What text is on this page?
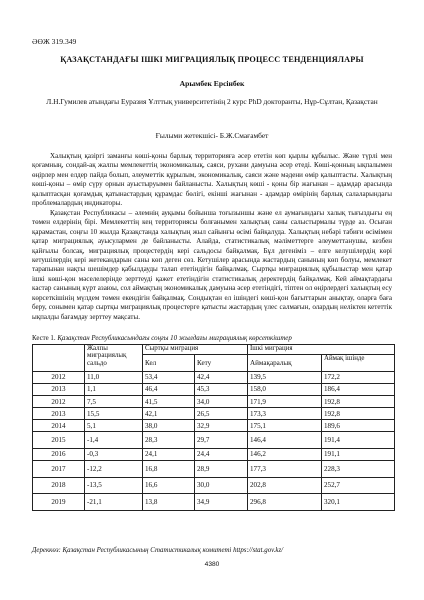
ӘӨЖ 319.349
ҚАЗАҚСТАНДАҒЫ ІШКІ МИГРАЦИЯЛЫҚ ПРОЦЕСС ТЕНДЕНЦИЯЛАРЫ
Арымбек Ерсінбек
Л.Н.Гумилев атындағы Еуразия Ұлттық университетінің 2 курс PhD докторанты, Нұр-Сұлтан, Қазақстан
Ғылыми жетекшісі- Б.Ж.Смағамбет

Халықтың қазіргі заманғы көші-қоны барлық территорияға әсер ететін көп қырлы құбылыс. Және түрлі мен қоғамның, сондай-ақ жалпы мемлекеттің экономикалық, саяси, рухани дамуына әсер етеді. Көші-қонның ықпалымен өңірлер мен елдер пайда болып, әлеуметтік құрылым, экономикалық, саяси және мәдени өмір қалыптасты. Халықтың көші-қоны – өмір сүру орнын ауыстыруымен байланысты. Халықтың көші - қоны бір жағынан – адамдар арасында қалыптасқан қоғамдық қатынастардың құрамдас бөлігі, екінші жағынан - адамдар өмірінің барлық салаларындағы проблемалардың индикаторы.

Қазақстан Республикасы – әлемнің ауқымы бойынша тоғызыншы және ел аумағындағы халық тығыздығы ең төмен елдерінің бірі. Мемлекеттің кең территориясы болғанымен халықтың саны салыстырмалы түрде аз. Осыған қарамастан, соңғы 10 жылда Қазақстанда халықтың жыл сайынғы өсімі байқалуда. Халықтың небәрі табиғи өсімімен қатар миграциялық ауысулармен де байланысты. Алайда, статистикалық мәліметтерге әлеуметтанушы, кезбен қайғылы болсақ, миграциялық процестердің кері сальдосы байқалмақ. Бұл дегеніміз – елге келушілердің көрі кетушілердің кері жетекандарын саны көп деген сөз. Кетушілер арасында жастардың санының көп болуы, мемлекет тарапынан нақты шешімдер қабылдауды талап ететіндігін байқалмақ. Сыртқы миграциялық құбылыстар мен қатар ішкі көші-қон мәселелерінде зерттеуді қажет ететіндігін статистикалық деректердің байқалмақ. Кей аймақтардағы кастар санының күрт азаюы, сол аймақтың экономикалық дамуына әсер ететіндігі, тіптен ол өңірлердегі халықтың есу көрсеткішінің мүлдем төмен екендігін байқалмақ. Сондықтан ел ішіндегі көші-қон бағыттарын анықтау, оларға баға беру, сонымен қатар сыртқы миграциялық процестерге қатысты жастардың үлес салмағын, олардың неліктен кететтік ықпалды бағамдау зерттеу мақсаты.

Кесте 1. Қазақстан Республикасындағы соңғы 10 жылдағы миграциялық көрсеткіштер
	Жалпы миграциялық сальдо	Сыртқы миграция		Ішкі миграция	
		Кел	Кету	Аймақаралық	Аймақ ішінде
2012	11,0	53,4	42,4	139,5	172,2
2013	1,1	46,4	45,3	158,0	186,4
2012	7,5	41,5	34,0	171,9	192,8
2013	15,5	42,1	26,5	173,3	192,8
2014	5,1	38,0	32,9	175,1	189,6
2015	-1,4	28,3	29,7	146,4	191,4
2016	-0,3	24,1	24,4	146,2	191,1
2017	-12,2	16,8	28,9	177,3	228,3
2018	-13,5	16,6	30,0	202,8	252,7
2019	-21,1	13,8	34,9	296,8	320,1
Дереккөз: Қазақстан Республикасының Статистикалық комитеті https://stat.gov.kz/
4380
